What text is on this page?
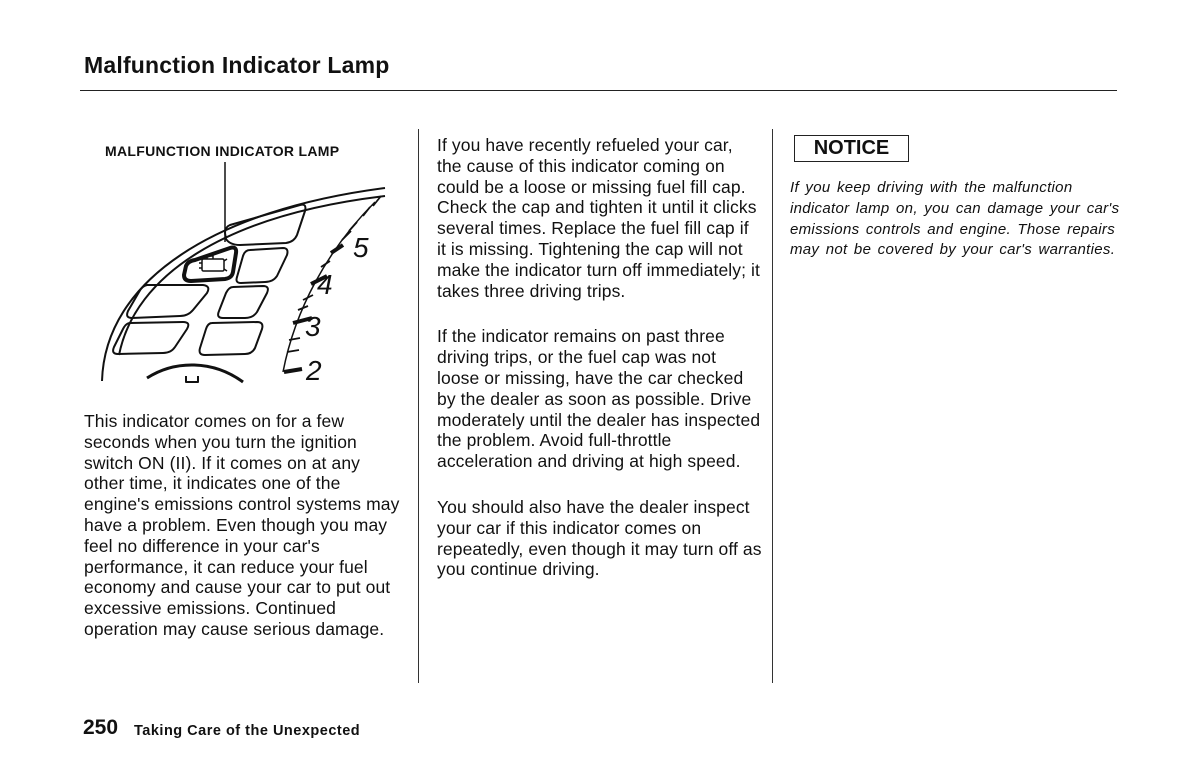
Malfunction Indicator Lamp
MALFUNCTION INDICATOR LAMP
5
4
3
2

This indicator comes on for a few seconds when you turn the ignition switch ON (II). If it comes on at any other time, it indicates one of the engine's emissions control systems may have a problem. Even though you may feel no difference in your car's performance, it can reduce your fuel economy and cause your car to put out excessive emissions. Continued operation may cause serious damage.

If you have recently refueled your car, the cause of this indicator coming on could be a loose or missing fuel fill cap. Check the cap and tighten it until it clicks several times. Replace the fuel fill cap if it is missing. Tightening the cap will not make the indicator turn off immediately; it takes three driving trips.

If the indicator remains on past three driving trips, or the fuel cap was not loose or missing, have the car checked by the dealer as soon as possible. Drive moderately until the dealer has inspected the problem. Avoid full-throttle acceleration and driving at high speed.

You should also have the dealer inspect your car if this indicator comes on repeatedly, even though it may turn off as you continue driving.

NOTICE
If you keep driving with the malfunction indicator lamp on, you can damage your car's emissions controls and engine. Those repairs may not be covered by your car's warranties.
250 Taking Care of the Unexpected
